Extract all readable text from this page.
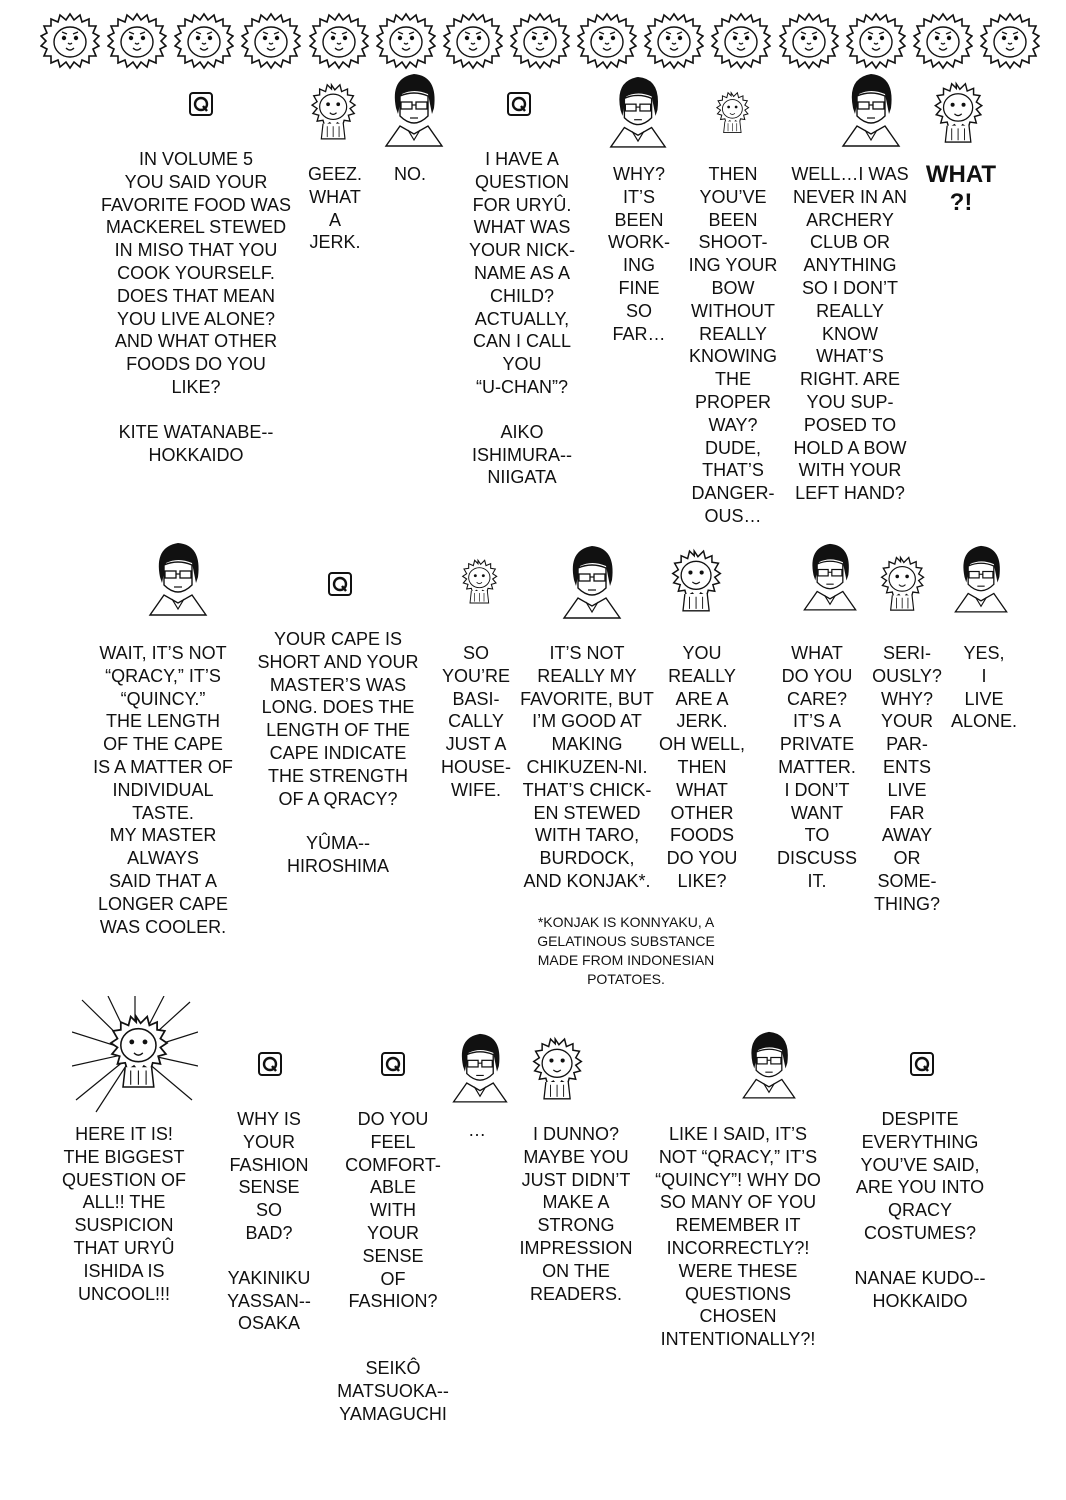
IN VOLUME 5
YOU SAID YOUR
FAVORITE FOOD WAS
MACKEREL STEWED
IN MISO THAT YOU
COOK YOURSELF.
DOES THAT MEAN
YOU LIVE ALONE?
AND WHAT OTHER
FOODS DO YOU
LIKE?
KITE WATANABE--
HOKKAIDO
GEEZ.
WHAT
A
JERK.
NO.
I HAVE A
QUESTION
FOR URYÛ.
WHAT WAS
YOUR NICK-
NAME AS A
CHILD?
ACTUALLY,
CAN I CALL
YOU
“U-CHAN”?
AIKO
ISHIMURA--
NIIGATA
WHY?
IT’S
BEEN
WORK-
ING
FINE
SO
FAR…
THEN
YOU’VE
BEEN
SHOOT-
ING YOUR
BOW
WITHOUT
REALLY
KNOWING
THE
PROPER
WAY?
DUDE,
THAT’S
DANGER-
OUS…
WELL…I WAS
NEVER IN AN
ARCHERY
CLUB OR
ANYTHING
SO I DON’T
REALLY
KNOW
WHAT’S
RIGHT. ARE
YOU SUP-
POSED TO
HOLD A BOW
WITH YOUR
LEFT HAND?
WHAT
?!
WAIT, IT’S NOT
“QRACY,” IT’S
“QUINCY.”
THE LENGTH
OF THE CAPE
IS A MATTER OF
INDIVIDUAL
TASTE.
MY MASTER
ALWAYS
SAID THAT A
LONGER CAPE
WAS COOLER.
YOUR CAPE IS
SHORT AND YOUR
MASTER’S WAS
LONG. DOES THE
LENGTH OF THE
CAPE INDICATE
THE STRENGTH
OF A QRACY?
YÛMA--
HIROSHIMA
SO
YOU’RE
BASI-
CALLY
JUST A
HOUSE-
WIFE.
IT’S NOT
REALLY MY
FAVORITE, BUT
I’M GOOD AT
MAKING
CHIKUZEN-NI.
THAT’S CHICK-
EN STEWED
WITH TARO,
BURDOCK,
AND KONJAK*.
YOU
REALLY
ARE A
JERK.
OH WELL,
THEN
WHAT
OTHER
FOODS
DO YOU
LIKE?
*KONJAK IS KONNYAKU, A
GELATINOUS SUBSTANCE
MADE FROM INDONESIAN
POTATOES.
WHAT
DO YOU
CARE?
IT’S A
PRIVATE
MATTER.
I DON’T
WANT
TO
DISCUSS
IT.
SERI-
OUSLY?
WHY?
YOUR
PAR-
ENTS
LIVE
FAR
AWAY
OR
SOME-
THING?
YES,
I
LIVE
ALONE.
HERE IT IS!
THE BIGGEST
QUESTION OF
ALL!! THE
SUSPICION
THAT URYÛ
ISHIDA IS
UNCOOL!!!
WHY IS
YOUR
FASHION
SENSE
SO
BAD?
YAKINIKU
YASSAN--
OSAKA
DO YOU
FEEL
COMFORT-
ABLE
WITH
YOUR
SENSE
OF
FASHION?
SEIKÔ
MATSUOKA--
YAMAGUCHI
…	I DUNNO?
MAYBE YOU
JUST DIDN’T
MAKE A
STRONG
IMPRESSION
ON THE
READERS.
LIKE I SAID, IT’S
NOT “QRACY,” IT’S
“QUINCY”! WHY DO
SO MANY OF YOU
REMEMBER IT
INCORRECTLY?!
WERE THESE
QUESTIONS
CHOSEN
INTENTIONALLY?!
DESPITE
EVERYTHING
YOU’VE SAID,
ARE YOU INTO
QRACY
COSTUMES?
NANAE KUDO--
HOKKAIDO
